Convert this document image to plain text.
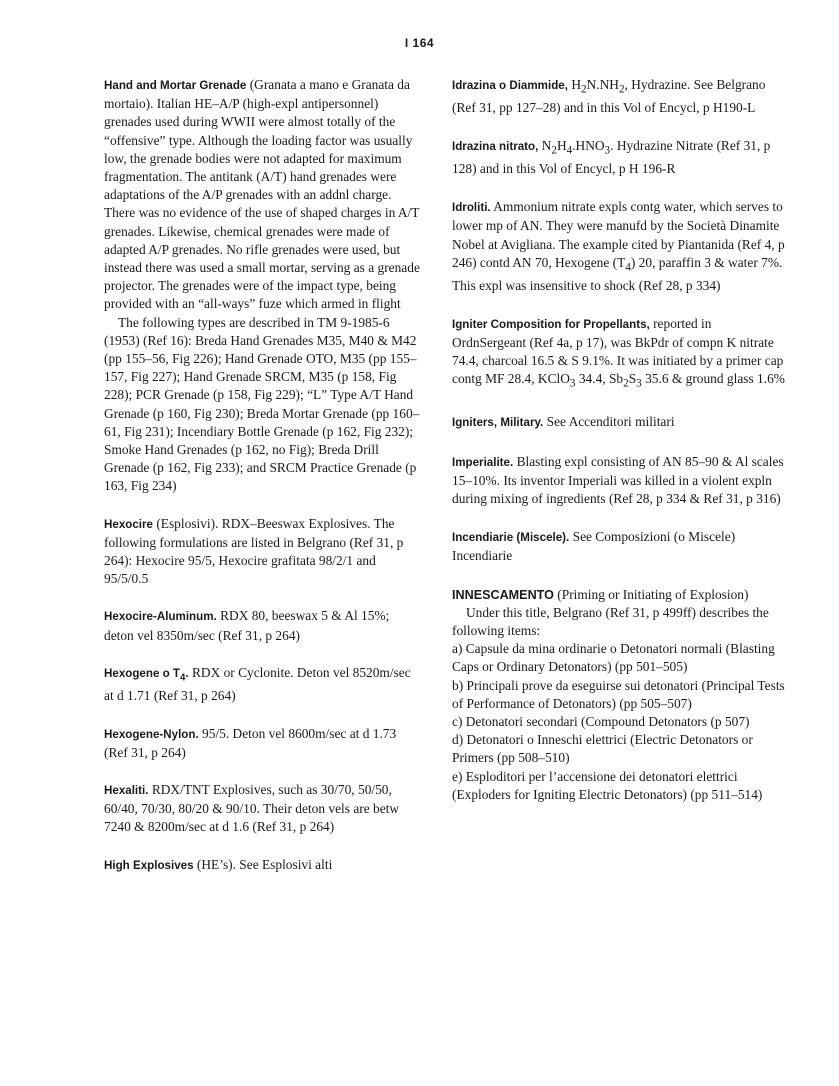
I 164
Hand and Mortar Grenade (Granata a mano e Granata da mortaio). Italian HE–A/P (high-expl antipersonnel) grenades used during WWII were almost totally of the “offensive” type. Although the loading factor was usually low, the grenade bodies were not adapted for maximum fragmentation. The antitank (A/T) hand grenades were adaptations of the A/P grenades with an addnl charge. There was no evidence of the use of shaped charges in A/T grenades. Likewise, chemical grenades were made of adapted A/P grenades. No rifle grenades were used, but instead there was used a small mortar, serving as a grenade projector. The grenades were of the impact type, being provided with an “all-ways” fuze which armed in flight

The following types are described in TM 9-1985-6 (1953) (Ref 16): Breda Hand Grenades M35, M40 & M42 (pp 155–56, Fig 226); Hand Grenade OTO, M35 (pp 155–157, Fig 227); Hand Grenade SRCM, M35 (p 158, Fig 228); PCR Grenade (p 158, Fig 229); “L” Type A/T Hand Grenade (p 160, Fig 230); Breda Mortar Grenade (pp 160–61, Fig 231); Incendiary Bottle Grenade (p 162, Fig 232); Smoke Hand Grenades (p 162, no Fig); Breda Drill Grenade (p 162, Fig 233); and SRCM Practice Grenade (p 163, Fig 234)

Hexocire (Esplosivi). RDX–Beeswax Explosives. The following formulations are listed in Belgrano (Ref 31, p 264): Hexocire 95/5, Hexocire grafitata 98/2/1 and 95/5/0.5
Hexocire-Aluminum. RDX 80, beeswax 5 & Al 15%; deton vel 8350m/sec (Ref 31, p 264)
Hexogene o $T_4$. RDX or Cyclonite. Deton vel 8520m/sec at d 1.71 (Ref 31, p 264)
Hexogene-Nylon. 95/5. Deton vel 8600m/sec at d 1.73 (Ref 31, p 264)
Hexaliti. RDX/TNT Explosives, such as 30/70, 50/50, 60/40, 70/30, 80/20 & 90/10. Their deton vels are betw 7240 & 8200m/sec at d 1.6 (Ref 31, p 264)
High Explosives (HE’s). See Esplosivi alti
Idrazina o Diammide, $H_2N.NH_2$, Hydrazine. See Belgrano (Ref 31, pp 127–28) and in this Vol of Encycl, p H190-L
Idrazina nitrato, $N_2H_4.HNO_3$. Hydrazine Nitrate (Ref 31, p 128) and in this Vol of Encycl, p H 196-R
Idroliti. Ammonium nitrate expls contg water, which serves to lower mp of AN. They were manufd by the Società Dinamite Nobel at Avigliana. The example cited by Piantanida (Ref 4, p 246) contd AN 70, Hexogene $(T_4)$ 20, paraffin 3 & water 7%. This expl was insensitive to shock (Ref 28, p 334)
Igniter Composition for Propellants, reported in OrdnSergeant (Ref 4a, p 17), was BkPdr of compn K nitrate 74.4, charcoal 16.5 & S 9.1%. It was initiated by a primer cap contg MF 28.4, KClO$_3$ 34.4, $Sb_2S_3$ 35.6 & ground glass 1.6%
Igniters, Military. See Accenditori militari
Imperialite. Blasting expl consisting of AN 85–90 & Al scales 15–10%. Its inventor Imperiali was killed in a violent expln during mixing of ingredients (Ref 28, p 334 & Ref 31, p 316)
Incendiarie (Miscele). See Composizioni (o Miscele) Incendiarie
INNESCAMENTO (Priming or Initiating of Explosion)

Under this title, Belgrano (Ref 31, p 499ff) describes the following items:

a) Capsule da mina ordinarie o Detonatori normali (Blasting Caps or Ordinary Detonators) (pp 501–505)
b) Principali prove da eseguirse sui detonatori (Principal Tests of Performance of Detonators) (pp 505–507)
c) Detonatori secondari (Compound Detonators (p 507)
d) Detonatori o Inneschi elettrici (Electric Detonators or Primers (pp 508–510)
e) Esploditori per l’accensione dei detonatori elettrici (Exploders for Igniting Electric Detonators) (pp 511–514)
